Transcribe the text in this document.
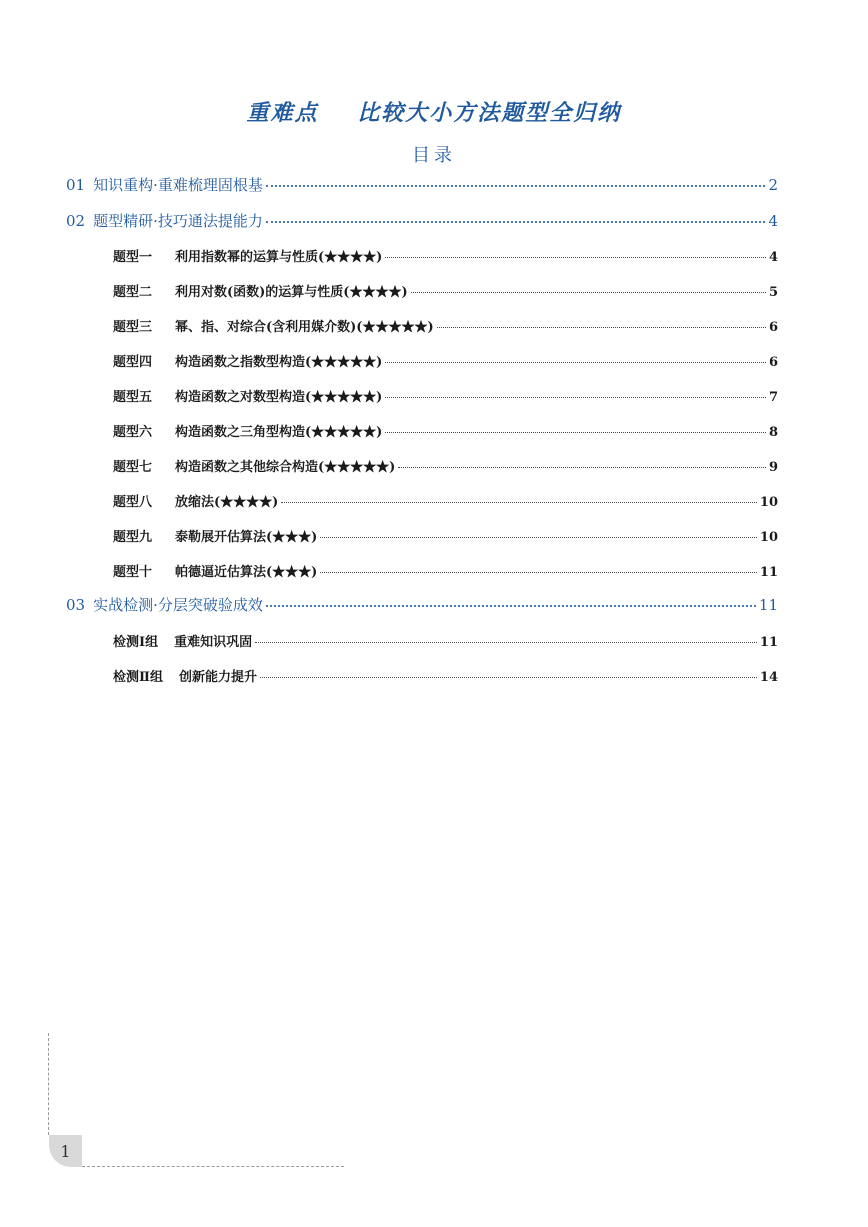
重难点    比较大小方法题型全归纳
目录
01 知识重构·重难梳理固根基	2
02 题型精研·技巧通法提能力	4
题型一 利用指数幂的运算与性质(★★★★)	4
题型二 利用对数(函数)的运算与性质(★★★★)	5
题型三 幂、指、对综合(含利用媒介数)(★★★★★)	6
题型四 构造函数之指数型构造(★★★★★)	6
题型五 构造函数之对数型构造(★★★★★)	7
题型六 构造函数之三角型构造(★★★★★)	8
题型七 构造函数之其他综合构造(★★★★★)	9
题型八 放缩法(★★★★)	10
题型九 泰勒展开估算法(★★★)	10
题型十 帕德逼近估算法(★★★)	11
03 实战检测·分层突破验成效	11
检测Ⅰ组 重难知识巩固	11
检测Ⅱ组 创新能力提升	14
1
